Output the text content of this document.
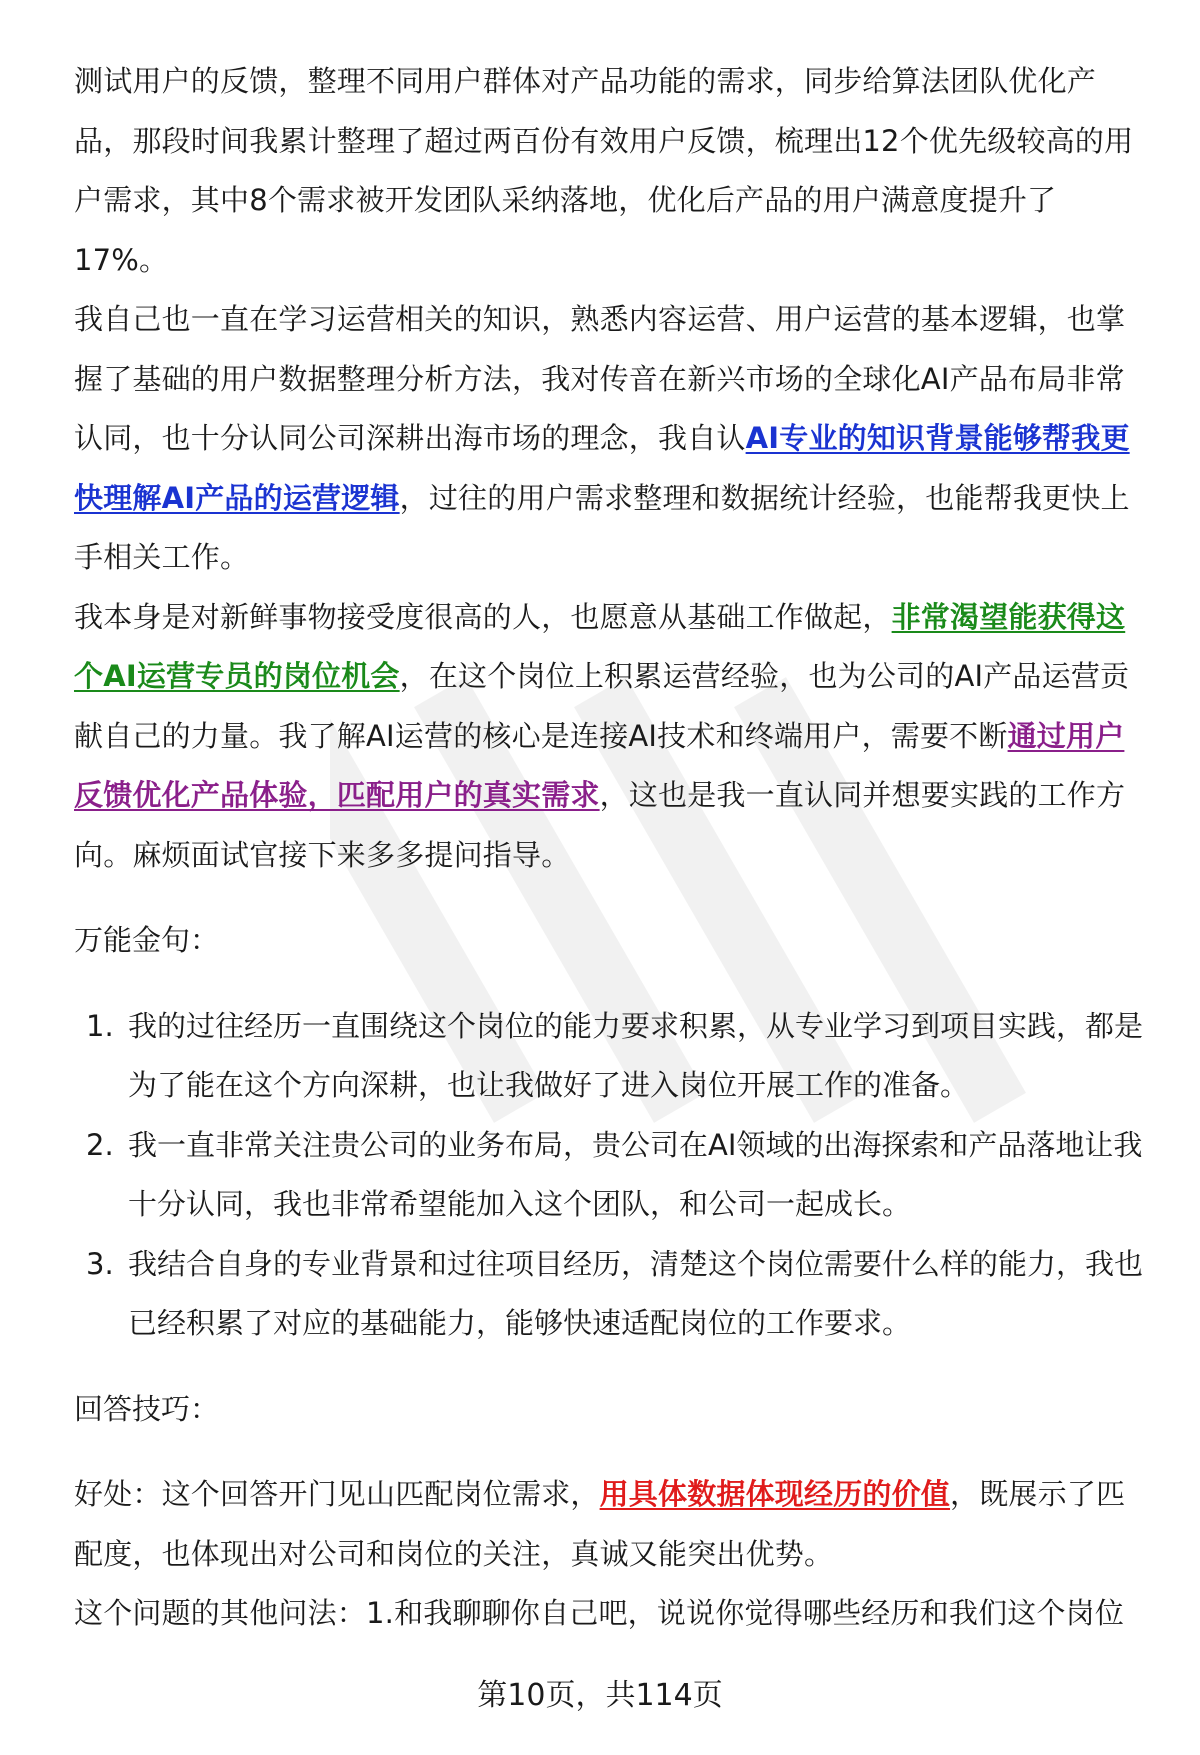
测试用户的反馈，整理不同用户群体对产品功能的需求，同步给算法团队优化产品，那段时间我累计整理了超过两百份有效用户反馈，梳理出12个优先级较高的用户需求，其中8个需求被开发团队采纳落地，优化后产品的用户满意度提升了17%。

我自己也一直在学习运营相关的知识，熟悉内容运营、用户运营的基本逻辑，也掌握了基础的用户数据整理分析方法，我对传音在新兴市场的全球化AI产品布局非常认同，也十分认同公司深耕出海市场的理念，我自认AI专业的知识背景能够帮我更快理解AI产品的运营逻辑，过往的用户需求整理和数据统计经验，也能帮我更快上手相关工作。

我本身是对新鲜事物接受度很高的人，也愿意从基础工作做起，非常渴望能获得这个AI运营专员的岗位机会，在这个岗位上积累运营经验，也为公司的AI产品运营贡献自己的力量。我了解AI运营的核心是连接AI技术和终端用户，需要不断通过用户反馈优化产品体验，匹配用户的真实需求，这也是我一直认同并想要实践的工作方向。麻烦面试官接下来多多提问指导。

万能金句：

1. 我的过往经历一直围绕这个岗位的能力要求积累，从专业学习到项目实践，都是为了能在这个方向深耕，也让我做好了进入岗位开展工作的准备。
2. 我一直非常关注贵公司的业务布局，贵公司在AI领域的出海探索和产品落地让我十分认同，我也非常希望能加入这个团队，和公司一起成长。
3. 我结合自身的专业背景和过往项目经历，清楚这个岗位需要什么样的能力，我也已经积累了对应的基础能力，能够快速适配岗位的工作要求。

回答技巧：

好处：这个回答开门见山匹配岗位需求，用具体数据体现经历的价值，既展示了匹配度，也体现出对公司和岗位的关注，真诚又能突出优势。

这个问题的其他问法：1.和我聊聊你自己吧，说说你觉得哪些经历和我们这个岗位

第10页，共114页
